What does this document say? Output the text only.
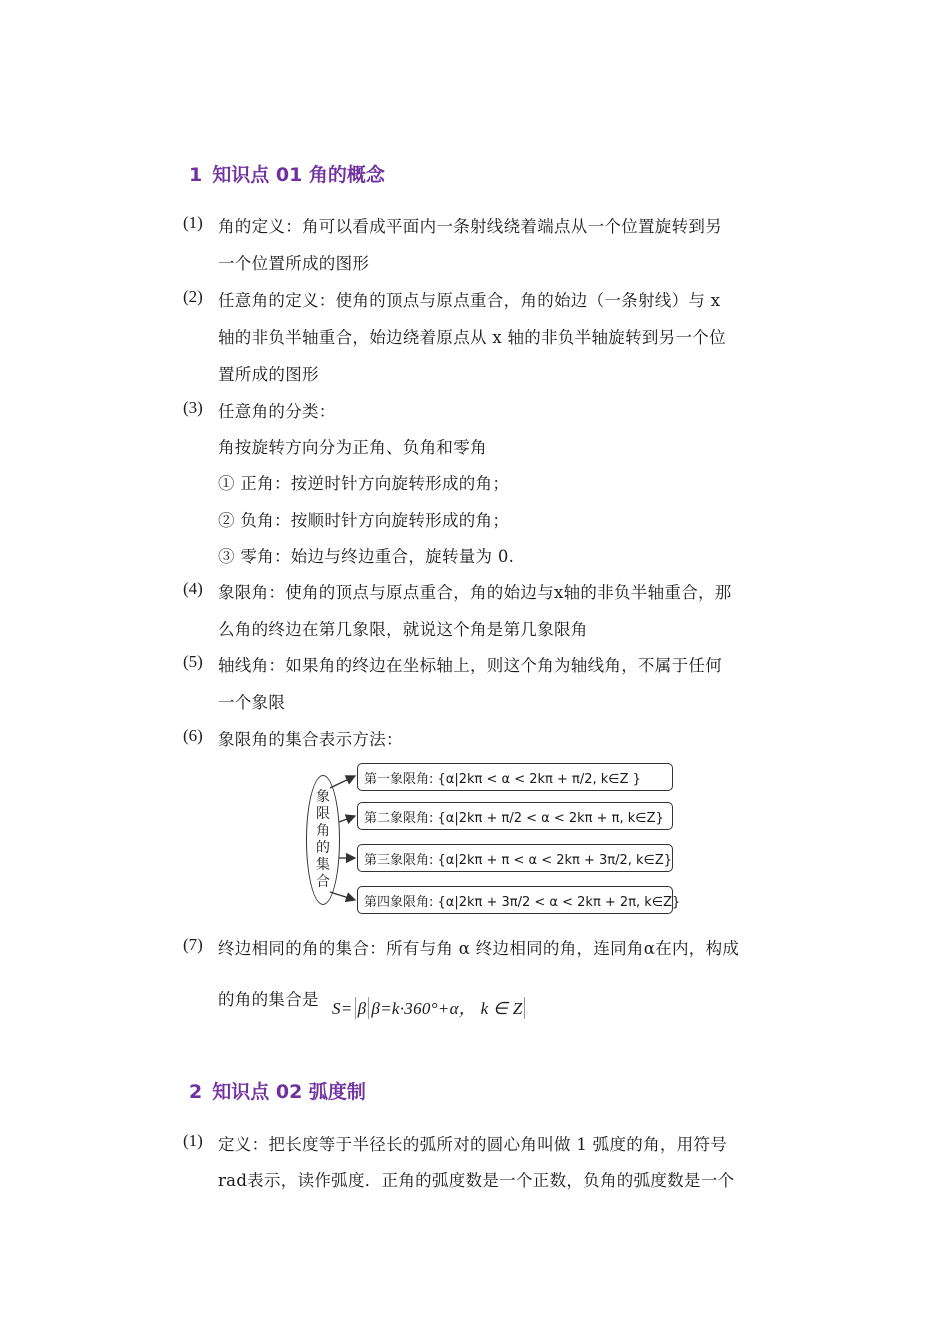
1 知识点 01 角的概念
(1) 角的定义：角可以看成平面内一条射线绕着端点从一个位置旋转到另
一个位置所成的图形
(2) 任意角的定义：使角的顶点与原点重合，角的始边（一条射线）与 x
轴的非负半轴重合，始边绕着原点从 x 轴的非负半轴旋转到另一个位
置所成的图形
(3) 任意角的分类：
角按旋转方向分为正角、负角和零角
① 正角：按逆时针方向旋转形成的角；
② 负角：按顺时针方向旋转形成的角；
③ 零角：始边与终边重合，旋转量为 0.
(4) 象限角：使角的顶点与原点重合，角的始边与x轴的非负半轴重合，那
么角的终边在第几象限，就说这个角是第几象限角
(5) 轴线角：如果角的终边在坐标轴上，则这个角为轴线角，不属于任何
一个象限
(6) 象限角的集合表示方法：
象
限
角
的
集
合
第一象限角: {α|2kπ < α < 2kπ + π/2, k∈Z }
第二象限角: {α|2kπ + π/2 < α < 2kπ + π, k∈Z}
第三象限角: {α|2kπ + π < α < 2kπ + 3π/2, k∈Z}
第四象限角: {α|2kπ + 3π/2 < α < 2kπ + 2π, k∈Z}
(7) 终边相同的角的集合：所有与角 α 终边相同的角，连同角α在内，构成
的角的集合是 S= β β=k·360°+α， k ∈ Z
2 知识点 02 弧度制
(1) 定义：把长度等于半径长的弧所对的圆心角叫做 1 弧度的角，用符号
rad表示，读作弧度．正角的弧度数是一个正数，负角的弧度数是一个
